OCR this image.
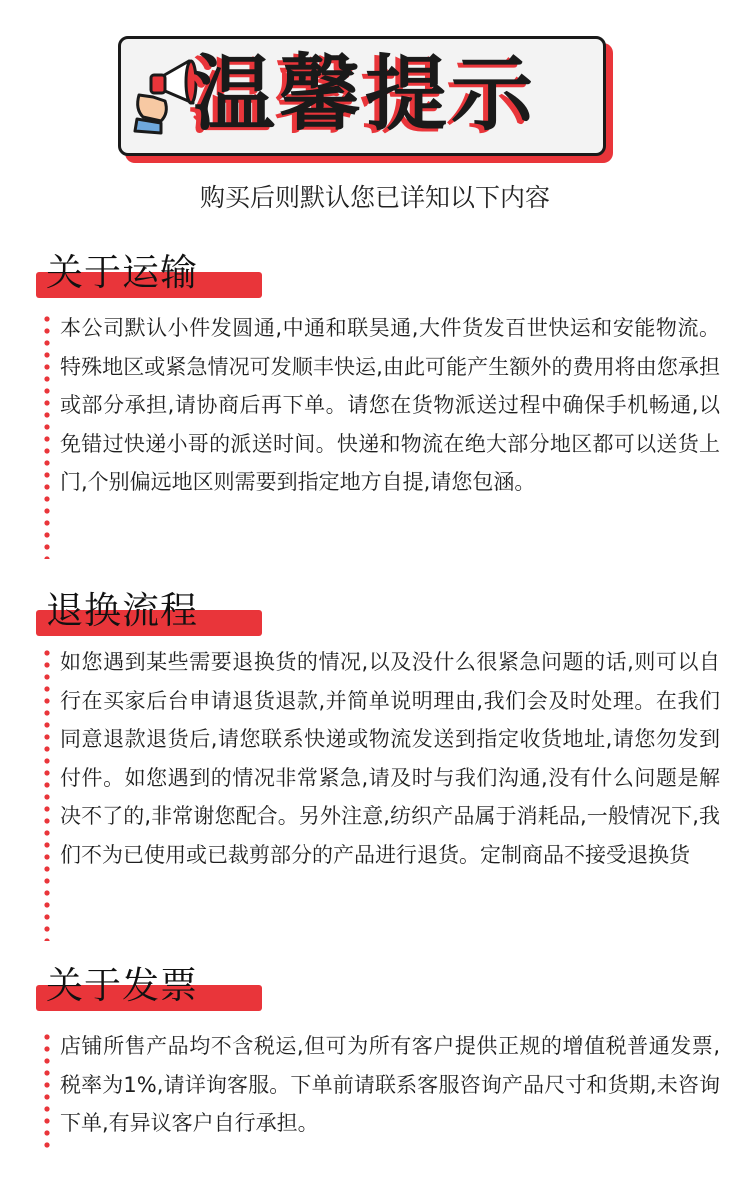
温馨提示
购买后则默认您已详知以下内容
关于运输
本公司默认小件发圆通,中通和联昊通,大件货发百世快运和安能物流。特殊地区或紧急情况可发顺丰快运,由此可能产生额外的费用将由您承担或部分承担,请协商后再下单。请您在货物派送过程中确保手机畅通,以免错过快递小哥的派送时间。快递和物流在绝大部分地区都可以送货上门,个别偏远地区则需要到指定地方自提,请您包涵。
退换流程
如您遇到某些需要退换货的情况,以及没什么很紧急问题的话,则可以自行在买家后台申请退货退款,并简单说明理由,我们会及时处理。在我们同意退款退货后,请您联系快递或物流发送到指定收货地址,请您勿发到付件。如您遇到的情况非常紧急,请及时与我们沟通,没有什么问题是解决不了的,非常谢您配合。另外注意,纺织产品属于消耗品,一般情况下,我们不为已使用或已裁剪部分的产品进行退货。定制商品不接受退换货
关于发票
店铺所售产品均不含税运,但可为所有客户提供正规的增值税普通发票,税率为1%,请详询客服。下单前请联系客服咨询产品尺寸和货期,未咨询下单,有异议客户自行承担。
